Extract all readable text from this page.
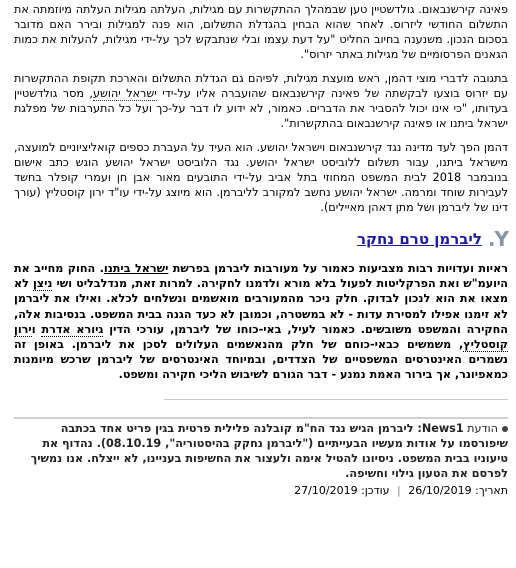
פאינה קירשנבאום. גולדשטיין טען שבמהלך ההתקשרות עם מגילות, העלתה מגילות העלתה מיוזמתה את התשלום החודשי ליזרוס. לאחר שהוא הבחין בהגדלת התשלום, הוא פנה למגילות ובירר האם מדובר בסכום הנכון. משנענה בחיוב החליט "על דעת עצמו ובלי שנתבקש לכך על-ידי מגילות, להעלות את כמות הגאנים הפרסומיים של מגילות באתר יזרוס".

בתגובה לדברי מוצי דהמן, ראש מועצת מגילות, לפיהם גם הגדלת התשלום והארכת תקופת ההתקשרות עם יזרוס בוצעו לבקשתה של פאינה קירשנבאום שהועברה אליו על-ידי ישראל יהושע, מסר גולדשטיין בעדותו, "כי אינו יכול להסביר את הדברים. כאמור, לא ידוע לו דבר על-כך ועל כל התערבות של מפלגת ישראל ביתנו או פאינה קירשנבאום בהתקשרות".

דהמן הפך לעד מדינה נגד קירשנבאום וישראל יהושע. הוא העיד על העברת כספים קואליציוניים למועצה, מישראל ביתנו, עבור תשלום ללוביסט ישראל יהושע. נגד הלוביסט ישראל יהושע הוגש כתב אישום בנובמבר 2018 לבית המשפט המחוזי בתל אביב על-ידי התובעים מאור אבן חן ועמרי קופלר בחשד לעבירות שוחד ומרמה. ישראל יהושע נחשב למקורב לליברמן. הוא מיוצג על-ידי עו"ד ירון קוסטליץ (עורך דינו של ליברמן ושל מתן דאהן מאיילים).

Y.
ליברמן טרם נחקר

ראיות ועדויות רבות מצביעות כאמור על מעורבות ליברמן בפרשת ישראל ביתנו. החוק מחייב את היועמ"ש ואת הפרקליטות לפעול בלא מורא ולדמנו לחקירה. למרות זאת, מנדלבליט ושי ניצן לא מצאו את הוא לנכון לבדוק. חלק ניכר מהמעורבים מואשמים ונשלחים לכלא. ואילו את ליברמן לא זימנו אפילו למסירת עדות - לא במשטרה, וכמובן לא כעד הגנה בבית המשפט. בנסיבות אלה, החקירה והמשפט משובשים. כאמור לעיל, באי-כוחו של ליברמן, עורכי הדין גיורא אדרת וירון קוסטליץ, משמשים כבאי-כוחם של חלק מהנאשמים העלולים לסכן את ליברמן. באופן זה נשמרים האינטרסים המשפטיים של הצדדים, ובמיוחד האינטרסים של ליברמן שרכש מיומנות כמאפיונר, אך בירור האמת נמנע - דבר הגורם לשיבוש הליכי חקירה ומשפט.

הודעת News1: ליברמן הגיש נגד הח"מ קובלנה פלילית פרטית בגין פריט אחד בכתבה שיפורסמו על אודות מעשיו הבעייתיים ("ליברמן נחקק בהיסטוריה", 08.10.19). נהדוף את טיעוניו בבית המשפט. ניסיונו להטיל אימה ולעצור את החשיפות בעניינו, לא ייצלח. אנו נמשיך לפרסם את הטעון גילוי וחשיפה.

תאריך: 26/10/2019 | עודכן: 27/10/2019
